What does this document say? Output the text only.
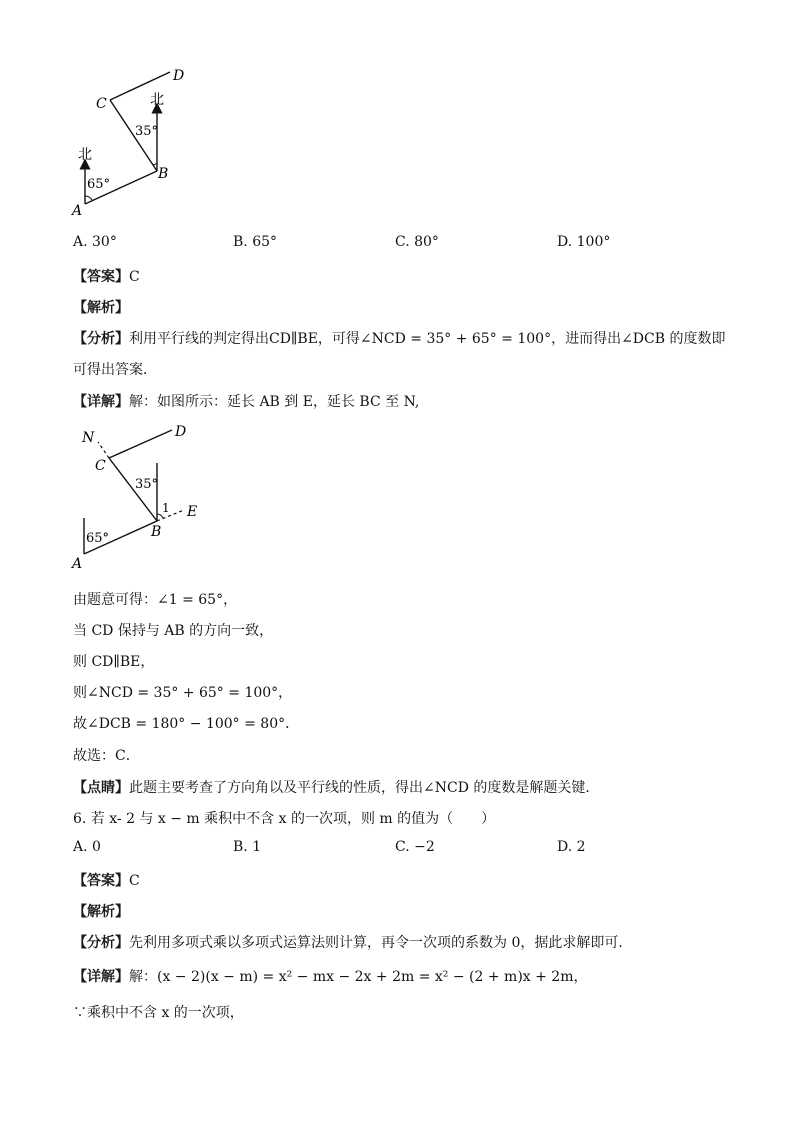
D
C
B
A
北
北
35°
65°
A. 30°	B. 65°	C. 80°	D. 100°
【答案】C
【解析】
【分析】利用平行线的判定得出CD∥BE，可得∠NCD = 35° + 65° = 100°，进而得出∠DCB 的度数即
可得出答案．
【详解】解：如图所示：延长 AB 到 E，延长 BC 至 N,
N	D
C
E
B
A
1
35°
65°
由题意可得：∠1 = 65°，
当 CD 保持与 AB 的方向一致，
则 CD∥BE，
则∠NCD = 35° + 65° = 100°，
故∠DCB = 180° − 100° = 80°．
故选：C．
【点睛】此题主要考查了方向角以及平行线的性质，得出∠NCD 的度数是解题关键．
6. 若 x- 2 与 x − m 乘积中不含 x 的一次项，则 m 的值为（　　）
A. 0	B. 1	C. −2	D. 2
【答案】C
【解析】
【分析】先利用多项式乘以多项式运算法则计算，再令一次项的系数为 0，据此求解即可．
【详解】解：(x − 2)(x − m) = x² − mx − 2x + 2m = x² − (2 + m)x + 2m，
∵乘积中不含 x 的一次项，
